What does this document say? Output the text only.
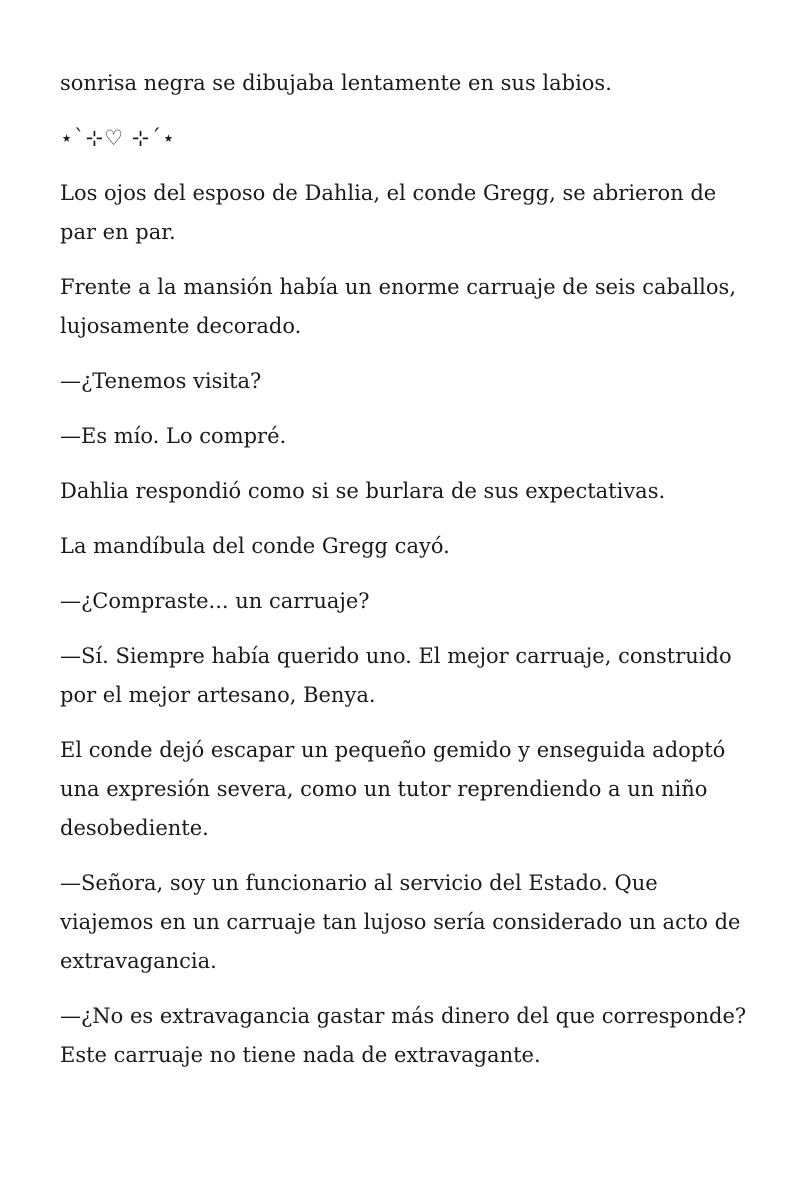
sonrisa negra se dibujaba lentamente en sus labios.

⋆`⊹♡ ⊹´⋆

Los ojos del esposo de Dahlia, el conde Gregg, se abrieron de par en par.

Frente a la mansión había un enorme carruaje de seis caballos, lujosamente decorado.

—¿Tenemos visita?

—Es mío. Lo compré.

Dahlia respondió como si se burlara de sus expectativas.

La mandíbula del conde Gregg cayó.

—¿Compraste... un carruaje?

—Sí. Siempre había querido uno. El mejor carruaje, construido por el mejor artesano, Benya.

El conde dejó escapar un pequeño gemido y enseguida adoptó una expresión severa, como un tutor reprendiendo a un niño desobediente.

—Señora, soy un funcionario al servicio del Estado. Que viajemos en un carruaje tan lujoso sería considerado un acto de extravagancia.

—¿No es extravagancia gastar más dinero del que corresponde? Este carruaje no tiene nada de extravagante.
